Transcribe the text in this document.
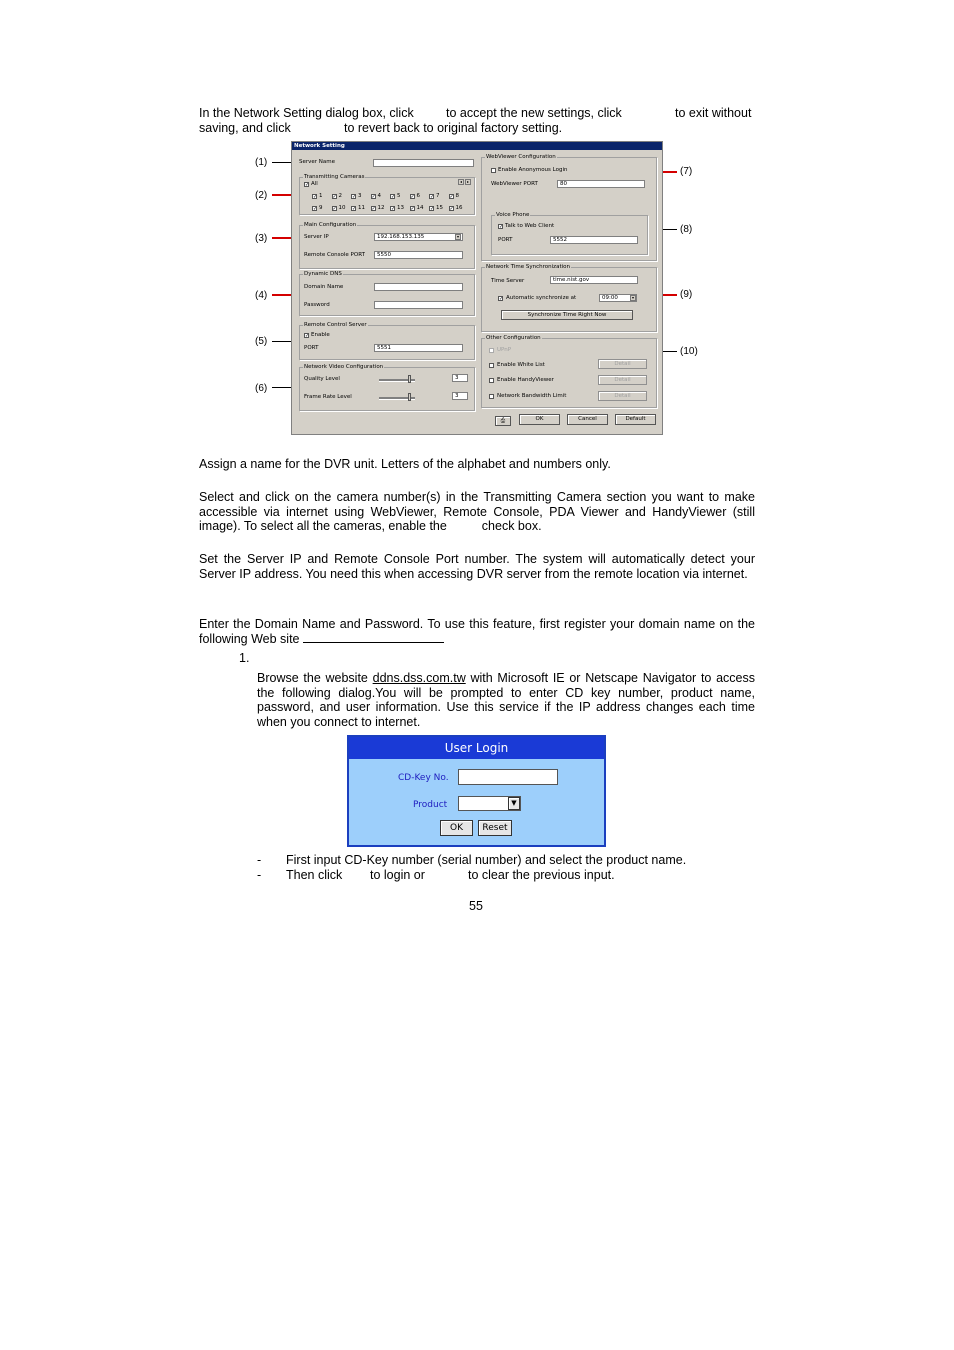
In the Network Setting dialog box, click	to accept the new settings, click	to exit without
saving, and click	to revert back to original factory setting.
(1)
(2)
(3)
(4)
(5)
(6)
(7)
(8)
(9)
(10)
Network Setting
Server Name
Transmitting Cameras
◂	▸
✓ All
✓ 1 ✓ 2 ✓ 3 ✓ 4 ✓ 5 ✓ 6 ✓ 7 ✓ 8
✓ 9 ✓ 10 ✓ 11 ✓ 12 ✓ 13 ✓ 14 ✓ 15 ✓ 16
Main Configuration
Server IP	192.168.153.135	▾
Remote Console PORT	5550
Dynamic DNS
Domain Name
Password
Remote Control Server
✓ Enable
PORT	5551
Network Video Configuration
Quality Level	3
Frame Rate Level	3
WebViewer Configuration
Enable Anonymous Login
WebViewer PORT	80
Voice Phone
✓ Talk to Web Client
PORT	5552
Network Time Synchronization
Time Server	time.nist.gov
✓ Automatic synchronize at	09:00	▾
Synchronize Time Right Now
Other Configuration
UPnP
Enable White List	Detail
Enable HandyViewer	Detail
Network Bandwidth Limit	Detail
⎙	OK	Cancel	Default
Assign a name for the DVR unit. Letters of the alphabet and numbers only.
Select and click on the camera number(s) in the Transmitting Camera section you want to make accessible via internet using WebViewer, Remote Console, PDA Viewer and HandyViewer (still image). To select all the cameras, enable the	check box.
Set the Server IP and Remote Console Port number. The system will automatically detect your Server IP address. You need this when accessing DVR server from the remote location via internet.
Enter the Domain Name and Password. To use this feature, first register your domain name on the following Web site
1.
Browse the website ddns.dss.com.tw with Microsoft IE or Netscape Navigator to access the following dialog.You will be prompted to enter CD key number, product name, password, and user information. Use this service if the IP address changes each time when you connect to internet.
User Login
CD-Key No.
Product	▼
OK	Reset
- First input CD-Key number (serial number) and select the product name.
- Then click to login or	to clear the previous input.
55
